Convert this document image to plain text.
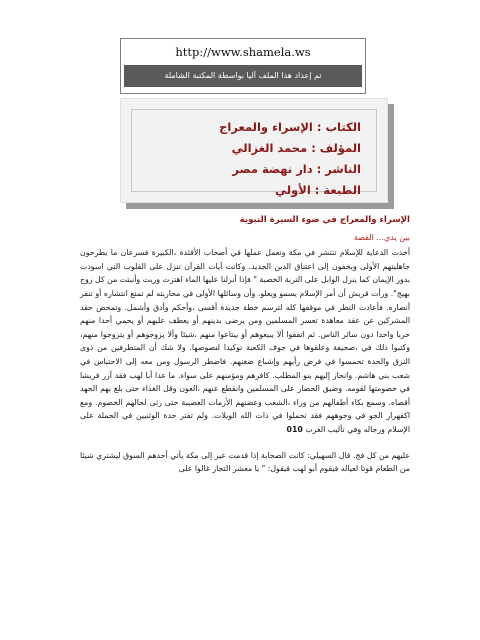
http://www.shamela.ws
تم إعداد هذا الملف آليا بواسطة المكتبة الشاملة
الكتاب : الإسراء والمعراج
المؤلف : محمد الغزالي
الناشر : دار نهضة مصر
الطبعة : الأولي
الإسراء والمعراج في ضوء السيرة النبوية
بين يدي... القصة

أخذت الدعاية للإسلام تنتشر في مكة وتعمل عملها في أصحاب الأفئدة ،الكبيرة فسرعان ما يطرحون جاهليتهم الأولى ويخفون إلى اعتناق الدين الجديد. وكانت آيات القرآن تنزل على القلوب التي اسودت بدور الإيمان كما ينزل الوابل على التربة الخصبة " فإذا أنزلنا عليها الماء اهتزت وربت وأنبتت من كل زوج بهيج". ورأت قريش أن أمر الإسلام يسمو ويعلو. وأن وسائلها الأولى في محاربته لم تمنع انتشاره أو تنفر أنصاره. فأعادت النظر في موقفها كله لترسم خطة جديدة أقسى ،وأحكم وأدق وأشمل. وتمخض حقد المشركين عن عقد معاهدة تعسر المسلمين ومن يرضى بدينهم أو يعطف عليهم أو يحمي أحدا منهم حربا واحدا دون سائر الناس. ثم اتفقوا ألا يبيعوهم أو يبتاعوا منهم ،شيئا وألا يزوجوهم أو يتزوجوا منهم، وكتبوا ذلك في ،صحيفة وعلقوها في جوف الكعبة توكيدا لنصوصها. ولا شك أن المتطرفين من ذوى النزق والحدة تحمسوا في فرض رأيهم وإشباع ضغنهم. فاضطر الرسول ومن معه إلى الاحتباس في شعب بني هاشم. وانحاز إليهم بنو المطلب. كافرهم ومؤمنهم على سواء. ما عدا أبا لهب فقد آزر قريشا في خصومتها لقومه. وضيق الحصار على المسلمين وانقطع عنهم ،العون وقل الغذاء حتى بلغ بهم الجهد أقصاه. وسمع بكاء أطفالهم من وراء ،الشعب وعضتهم الأزمات العصيبة حتى رثى لحالهم الخصوم. ومع اكفهرار الجو في وجوههم فقد تحملوا في ذات الله الويلات. ولم تفتر حدة الوثنيين في الحملة على الإسلام ورجاله وفي تأليب العرب 010

عليهم من كل فج. قال السهيلي: كانت الصحابة إذا قدمت عير إلى مكة يأتي أحدهم السوق ليشتري شيئا من الطعام قوتا لعياله فيقوم أبو لهب فيقول: " يا معشر التجار غالوا على
